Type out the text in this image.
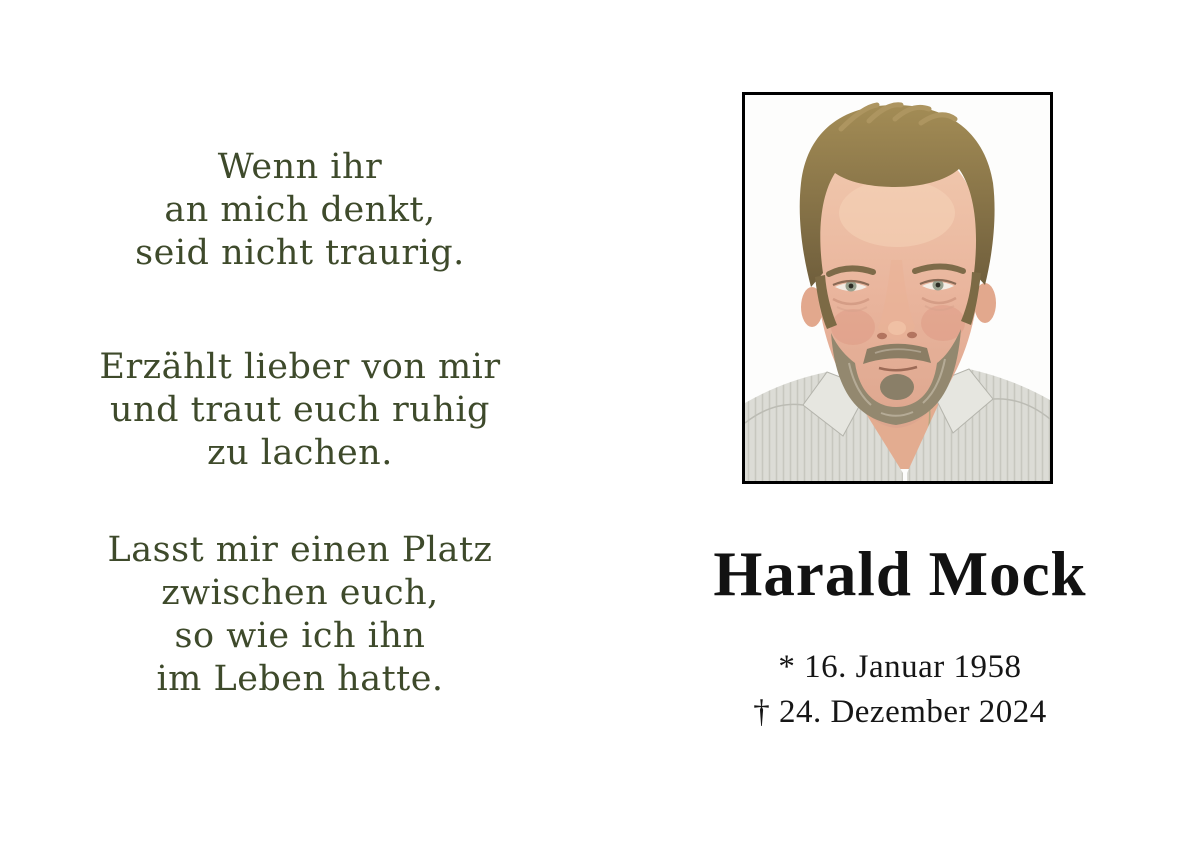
Wenn ihr
an mich denkt,
seid nicht traurig.
Erzählt lieber von mir
und traut euch ruhig
zu lachen.
Lasst mir einen Platz
zwischen euch,
so wie ich ihn
im Leben hatte.
Harald Mock
* 16. Januar 1958
† 24. Dezember 2024
